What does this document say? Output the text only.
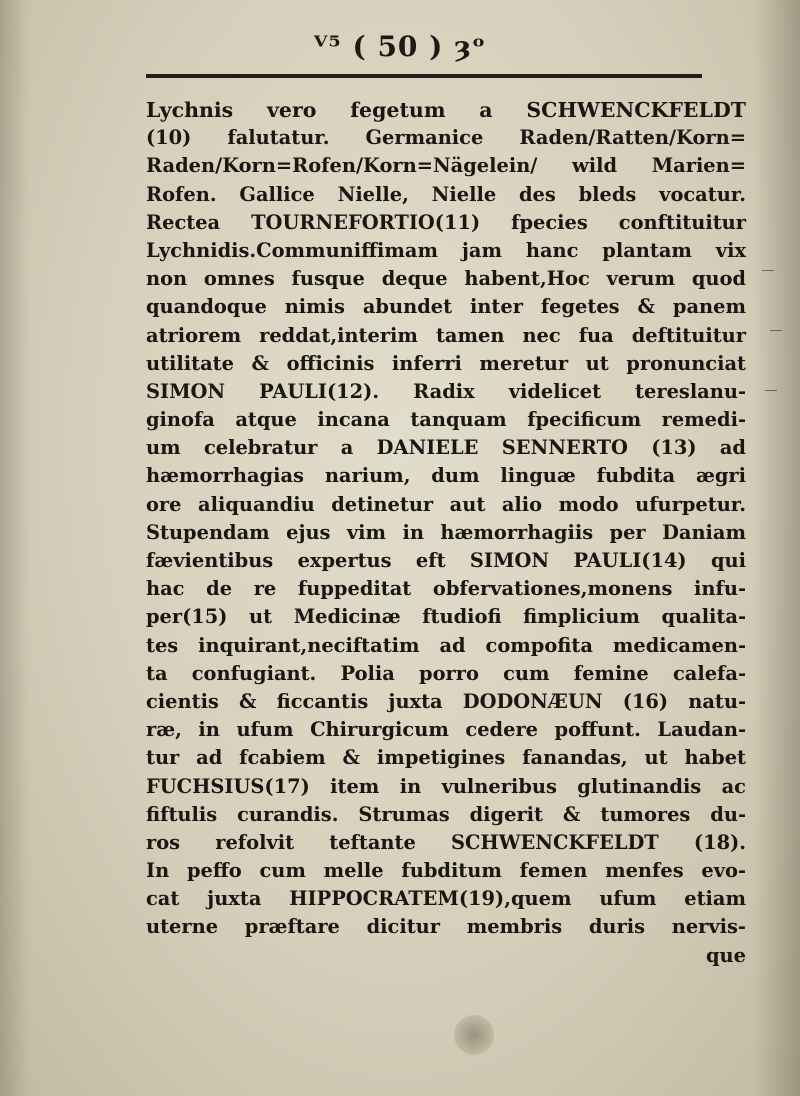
ⱽ⁵ ( 50 ) ȝᵒ
Lychnis vero fegetum a SCHWENCKFELDT
(10) falutatur. Germanice Raden/Ratten/Korn=
Raden/Korn=Rofen/Korn=Nägelein/ wild Marien=
Rofen. Gallice Nielle, Nielle des bleds vocatur.
Rectea TOURNEFORTIO(11) fpecies conftituitur
Lychnidis.Communiffimam jam hanc plantam vix
non omnes fusque deque habent,Hoc verum quod
quandoque nimis abundet inter fegetes & panem
atriorem reddat,interim tamen nec fua deftituitur
utilitate & officinis inferri meretur ut pronunciat
SIMON PAULI(12). Radix videlicet tereslanu-
ginofa atque incana tanquam fpecificum remedi-
um celebratur a DANIELE SENNERTO (13) ad
hæmorrhagias narium, dum linguæ fubdita ægri
ore aliquandiu detinetur aut alio modo ufurpetur.
Stupendam ejus vim in hæmorrhagiis per Daniam
fævientibus expertus eft SIMON PAULI(14) qui
hac de re fuppeditat obfervationes,monens infu-
per(15) ut Medicinæ ftudiofi fimplicium qualita-
tes inquirant,neciftatim ad compofita medicamen-
ta confugiant. Polia porro cum femine calefa-
cientis & ficcantis juxta DODONÆUN (16) natu-
ræ, in ufum Chirurgicum cedere poffunt. Laudan-
tur ad fcabiem & impetigines fanandas, ut habet
FUCHSIUS(17) item in vulneribus glutinandis ac
fiftulis curandis. Strumas digerit & tumores du-
ros refolvit teftante SCHWENCKFELDT (18).
In peffo cum melle fubditum femen menfes evo-
cat juxta HIPPOCRATEM(19),quem ufum etiam
uterne præftare dicitur membris duris nervis-
que
